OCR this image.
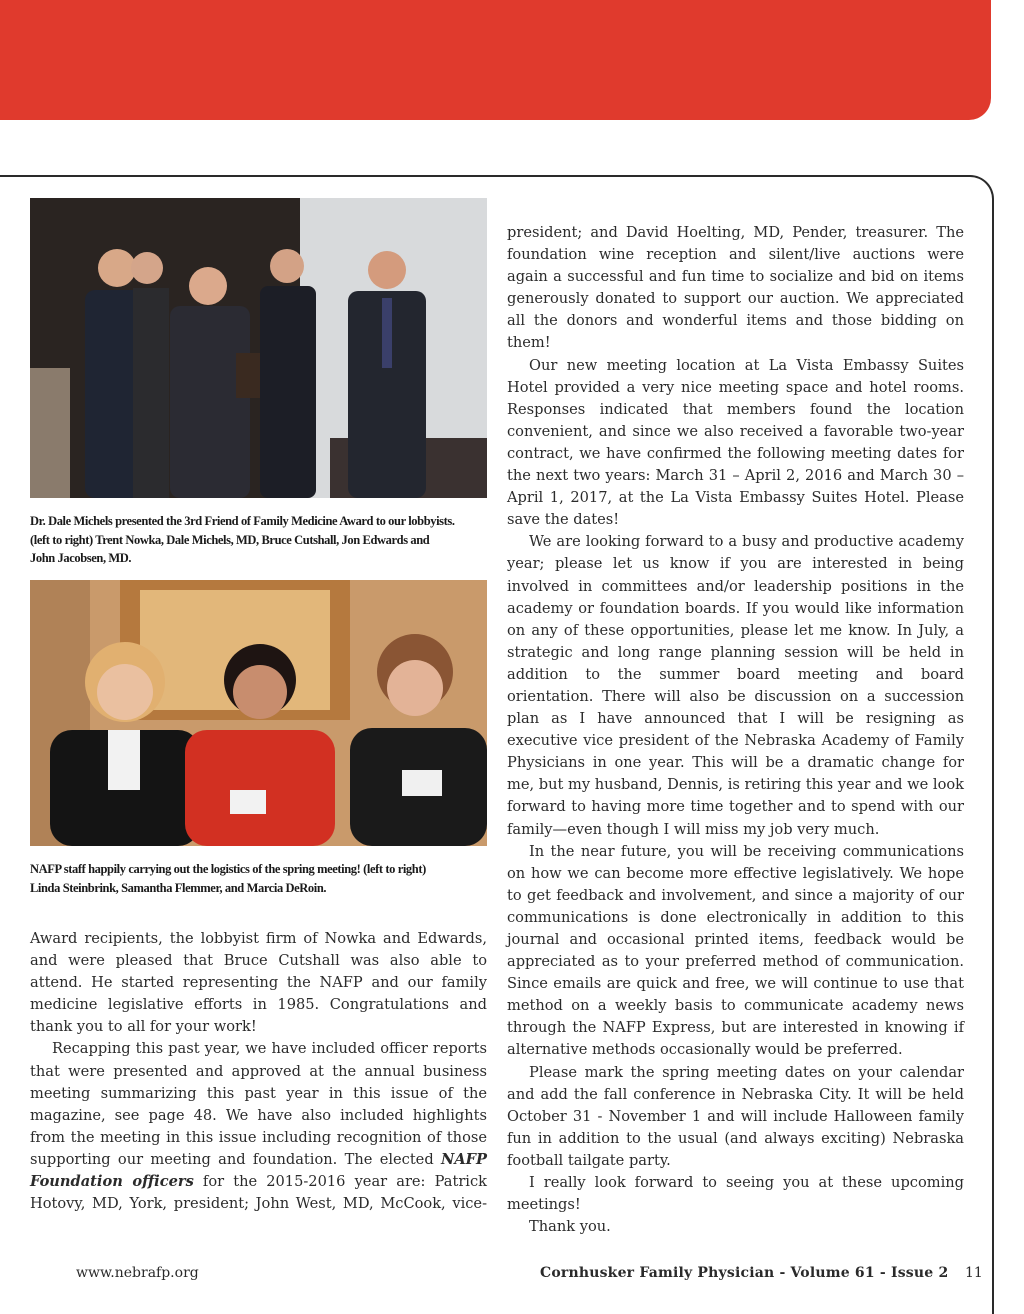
Dr. Dale Michels presented the 3rd Friend of Family Medicine Award to our lobbyists.
(left to right) Trent Nowka, Dale Michels, MD, Bruce Cutshall, Jon Edwards and
John Jacobsen, MD.

NAFP staff happily carrying out the logistics of the spring meeting! (left to right)
Linda Steinbrink, Samantha Flemmer, and Marcia DeRoin.

Award recipients, the lobbyist firm of Nowka and Edwards, and were pleased that Bruce Cutshall was also able to attend. He started representing the NAFP and our family medicine legislative efforts in 1985. Congratulations and thank you to all for your work!

Recapping this past year, we have included officer reports that were presented and approved at the annual business meeting summarizing this past year in this issue of the magazine, see page 48. We have also included highlights from the meeting in this issue including recognition of those supporting our meeting and foundation. The elected NAFP Foundation officers for the 2015-2016 year are: Patrick Hotovy, MD, York, president; John West, MD, McCook, vice-

president; and David Hoelting, MD, Pender, treasurer. The foundation wine reception and silent/live auctions were again a successful and fun time to socialize and bid on items generously donated to support our auction. We appreciated all the donors and wonderful items and those bidding on them!

Our new meeting location at La Vista Embassy Suites Hotel provided a very nice meeting space and hotel rooms. Responses indicated that members found the location convenient, and since we also received a favorable two-year contract, we have confirmed the following meeting dates for the next two years: March 31 – April 2, 2016 and March 30 – April 1, 2017, at the La Vista Embassy Suites Hotel. Please save the dates!

We are looking forward to a busy and productive academy year; please let us know if you are interested in being involved in committees and/or leadership positions in the academy or foundation boards. If you would like information on any of these opportunities, please let me know. In July, a strategic and long range planning session will be held in addition to the summer board meeting and board orientation. There will also be discussion on a succession plan as I have announced that I will be resigning as executive vice president of the Nebraska Academy of Family Physicians in one year. This will be a dramatic change for me, but my husband, Dennis, is retiring this year and we look forward to having more time together and to spend with our family—even though I will miss my job very much.

In the near future, you will be receiving communications on how we can become more effective legislatively. We hope to get feedback and involvement, and since a majority of our communications is done electronically in addition to this journal and occasional printed items, feedback would be appreciated as to your preferred method of communication. Since emails are quick and free, we will continue to use that method on a weekly basis to communicate academy news through the NAFP Express, but are interested in knowing if alternative methods occasionally would be preferred.

Please mark the spring meeting dates on your calendar and add the fall conference in Nebraska City. It will be held October 31 - November 1 and will include Halloween family fun in addition to the usual (and always exciting) Nebraska football tailgate party.

I really look forward to seeing you at these upcoming meetings!

Thank you.

www.nebrafp.org	Cornhusker Family Physician - Volume 61 - Issue 2 11
